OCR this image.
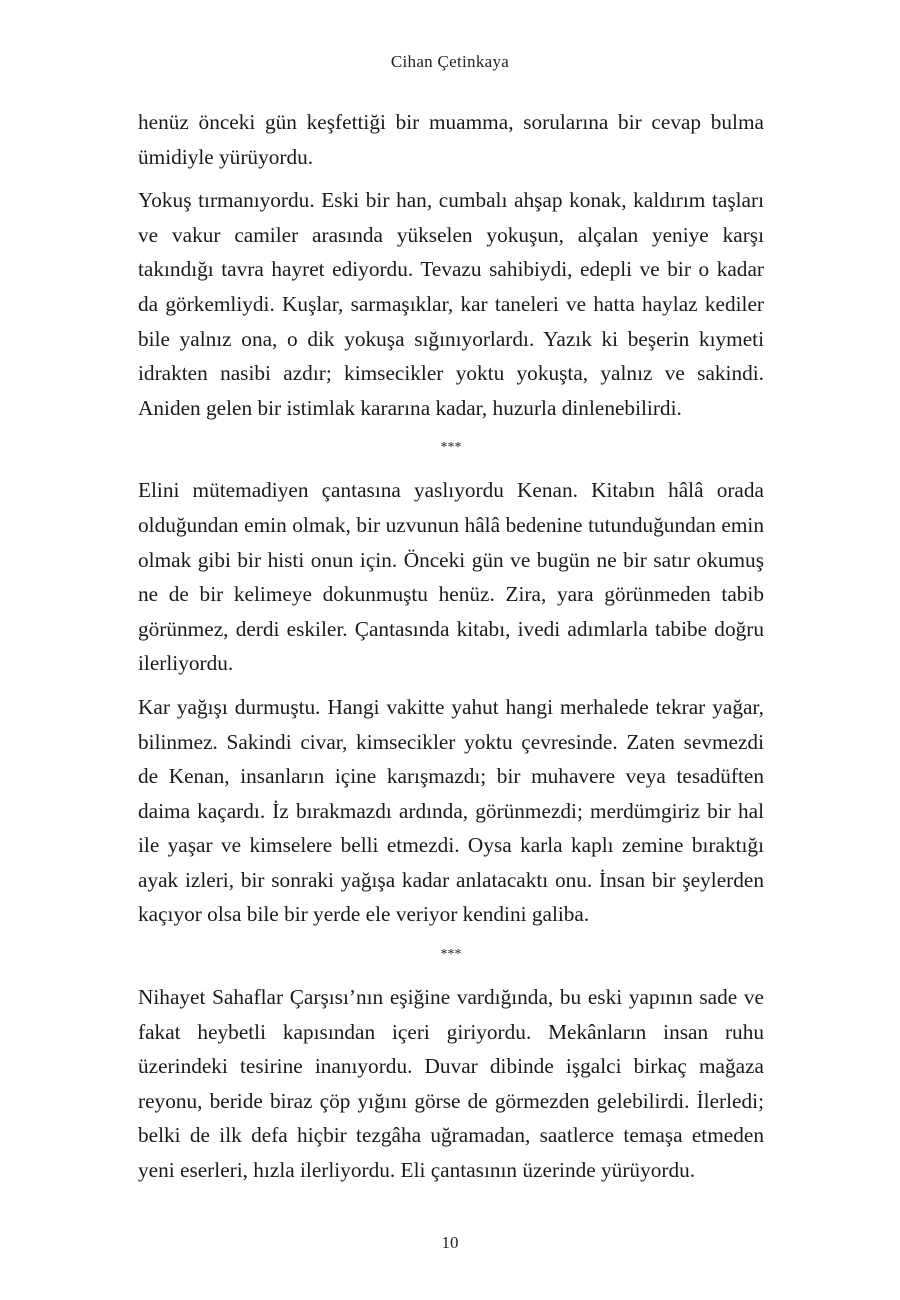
Cihan Çetinkaya

henüz önceki gün keşfettiği bir muamma, sorularına bir cevap bulma ümidiyle yürüyordu.

Yokuş tırmanıyordu. Eski bir han, cumbalı ahşap konak, kaldırım taşları ve vakur camiler arasında yükselen yokuşun, alçalan yeniye karşı takındığı tavra hayret ediyordu. Tevazu sahibiydi, edepli ve bir o kadar da görkemliydi. Kuşlar, sarmaşıklar, kar taneleri ve hatta haylaz kediler bile yalnız ona, o dik yokuşa sığınıyorlardı. Yazık ki beşerin kıymeti idrakten nasibi azdır; kimsecikler yoktu yokuşta, yalnız ve sakindi. Aniden gelen bir istimlak kararına kadar, huzurla dinlenebilirdi.

***

Elini mütemadiyen çantasına yaslıyordu Kenan. Kitabın hâlâ orada olduğundan emin olmak, bir uzvunun hâlâ bedenine tutunduğundan emin olmak gibi bir histi onun için. Önceki gün ve bugün ne bir satır okumuş ne de bir kelimeye dokunmuştu henüz. Zira, yara görünmeden tabib görünmez, derdi eskiler. Çantasında kitabı, ivedi adımlarla tabibe doğru ilerliyordu.

Kar yağışı durmuştu. Hangi vakitte yahut hangi merhalede tekrar yağar, bilinmez. Sakindi civar, kimsecikler yoktu çevresinde. Zaten sevmezdi de Kenan, insanların içine karışmazdı; bir muhavere veya tesadüften daima kaçardı. İz bırakmazdı ardında, görünmezdi; merdümgiriz bir hal ile yaşar ve kimselere belli etmezdi. Oysa karla kaplı zemine bıraktığı ayak izleri, bir sonraki yağışa kadar anlatacaktı onu. İnsan bir şeylerden kaçıyor olsa bile bir yerde ele veriyor kendini galiba.

***

Nihayet Sahaflar Çarşısı’nın eşiğine vardığında, bu eski yapının sade ve fakat heybetli kapısından içeri giriyordu. Mekânların insan ruhu üzerindeki tesirine inanıyordu. Duvar dibinde işgalci birkaç mağaza reyonu, beride biraz çöp yığını görse de görmezden gelebilirdi. İlerledi; belki de ilk defa hiçbir tezgâha uğramadan, saatlerce temaşa etmeden yeni eserleri, hızla ilerliyordu. Eli çantasının üzerinde yürüyordu.

10
